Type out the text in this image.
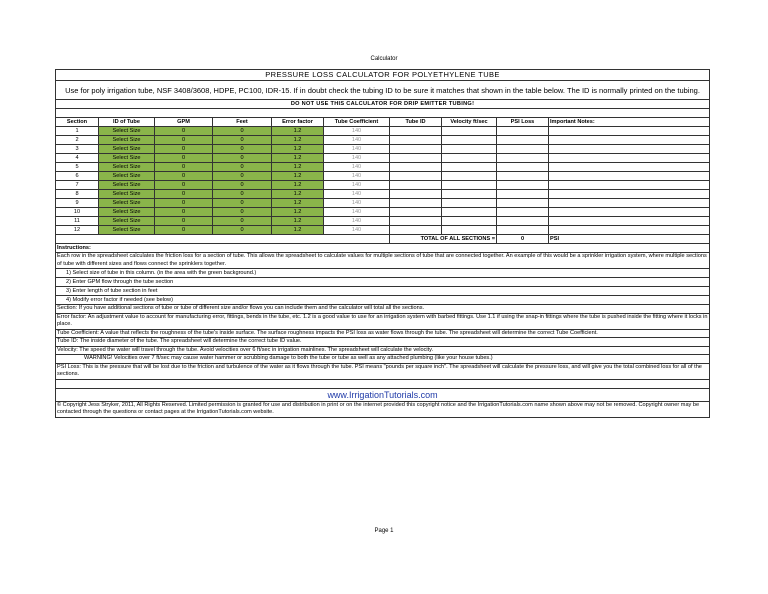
Calculator
PRESSURE LOSS CALCULATOR FOR POLYETHYLENE TUBE									
Use for poly irrigation tube, NSF 3408/3608, HDPE, PC100, IDR-15. If in doubt check the tubing ID to be sure it matches that shown in the table below. The ID is normally printed on the tubing.									
DO NOT USE THIS CALCULATOR FOR DRIP EMITTER TUBING!									

Section	ID of Tube	GPM	Feet	Error factor	Tube Coefficient	Tube ID	Velocity ft/sec	PSI Loss	Important Notes:
1	Select Size	0	0	1.2	140				
2	Select Size	0	0	1.2	140				
3	Select Size	0	0	1.2	140				
4	Select Size	0	0	1.2	140				
5	Select Size	0	0	1.2	140				
6	Select Size	0	0	1.2	140				
7	Select Size	0	0	1.2	140				
8	Select Size	0	0	1.2	140				
9	Select Size	0	0	1.2	140				
10	Select Size	0	0	1.2	140				
11	Select Size	0	0	1.2	140				
12	Select Size	0	0	1.2	140				
						TOTAL OF ALL SECTIONS =		0	PSI
Instructions:									
Each row in the spreadsheet calculates the friction loss for a section of tube. This allows the spreadsheet to calculate values for multiple sections of tube that are connected together. An example of this would be a sprinkler irrigation system, where multiple sections of tube with different sizes and flows connect the sprinklers together.									
1) Select size of tube in this column. (in the area with the green background.)									
2) Enter GPM flow through the tube section									
3) Enter length of tube section in feet									
4) Modify error factor if needed (see below)									
Section: If you have additional sections of tube or tube of different size and/or flows you can include them and the calculator will total all the sections.									
Error factor: An adjustment value to account for manufacturing error, fittings, bends in the tube, etc. 1.2 is a good value to use for an irrigation system with barbed fittings. Use 1.1 if using the snap-in fittings where the tube is pushed inside the fitting where it locks in place.									
Tube Coefficient: A value that reflects the roughness of the tube's inside surface. The surface roughness impacts the PSI loss as water flows through the tube. The spreadsheet will determine the correct Tube Coefficient.									
Tube ID: The inside diameter of the tube. The spreadsheet will determine the correct tube ID value.									
Velocity: The speed the water will travel through the tube. Avoid velocities over 6 ft/sec in irrigation mainlines. The spreadsheet will calculate the velocity.									
WARNING! Velocities over 7 ft/sec may cause water hammer or scrubbing damage to both the tube or tube as well as any attached plumbing (like your house tubes.)									
PSI Loss: This is the pressure that will be lost due to the friction and turbulence of the water as it flows through the tube. PSI means "pounds per square inch". The spreadsheet will calculate the pressure loss, and will give you the total combined loss for all of the sections.									

www.IrrigationTutorials.com									
© Copyright Jess Stryker, 2011, All Rights Reserved. Limited permission is granted for use and distribution in print or on the internet provided this copyright notice and the IrrigationTutorials.com name shown above may not be removed. Copyright owner may be contacted through the questions or contact pages at the IrrigationTutorials.com website.									
Page 1
